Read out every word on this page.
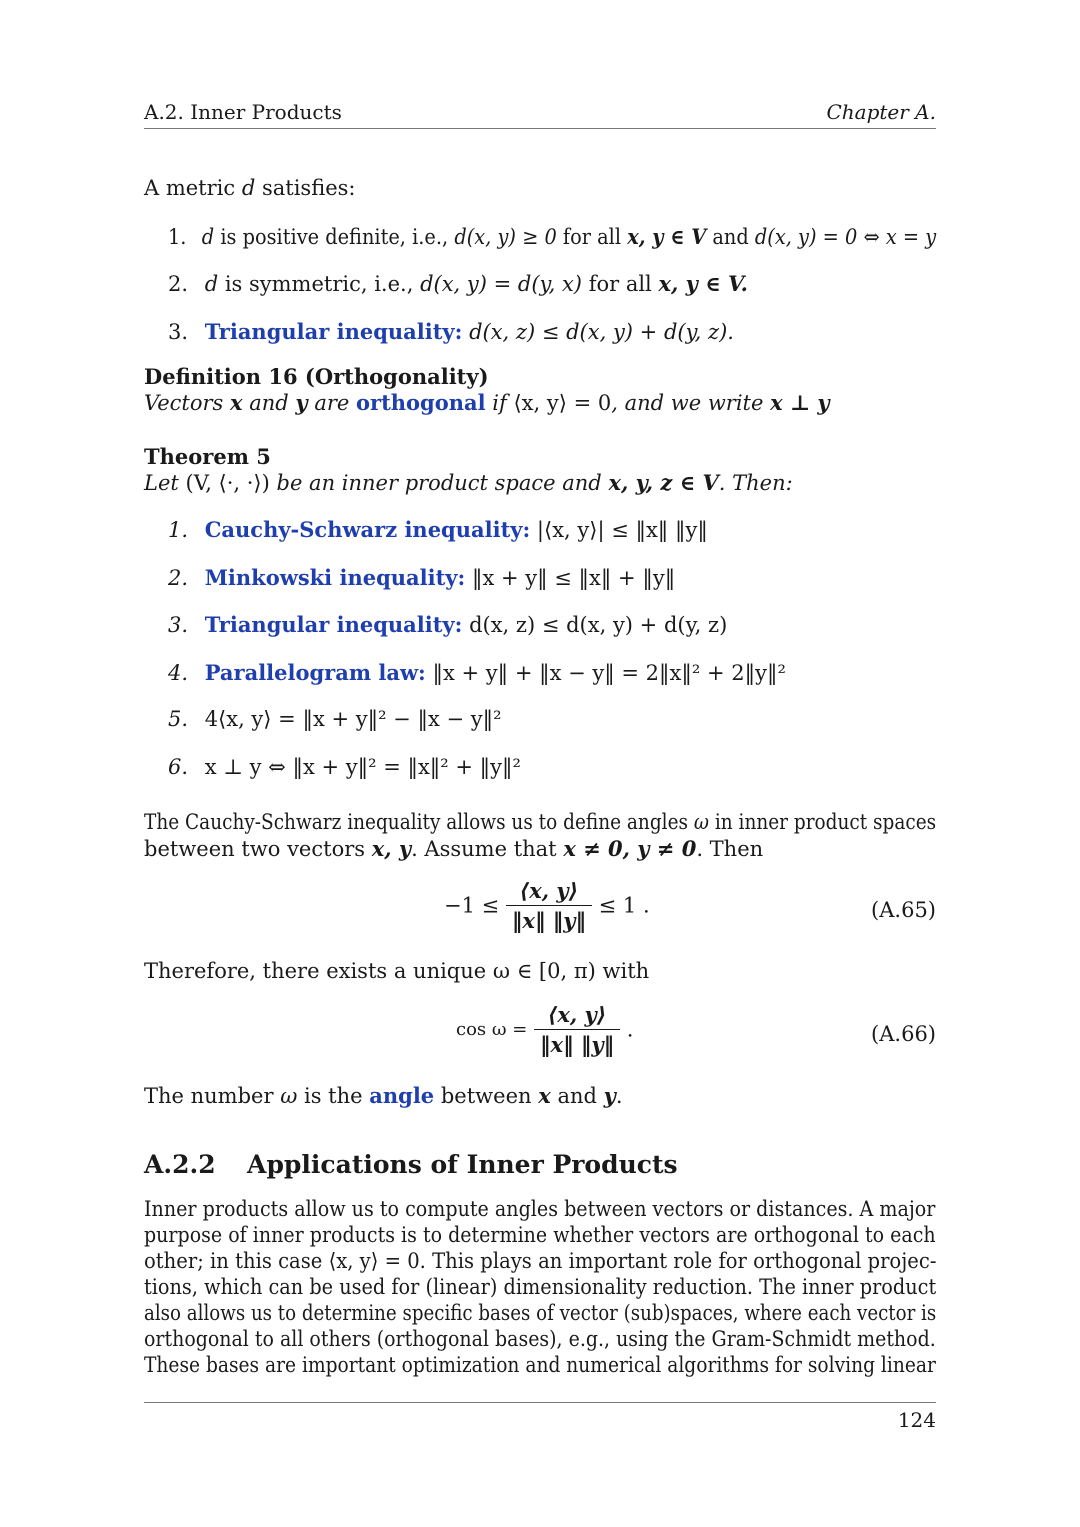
A.2. Inner Products	Chapter A.
A metric d satisfies:
1. d is positive definite, i.e., d(x, y) ≥ 0 for all x, y ∈ V and d(x, y) = 0 ⇔ x = y
2. d is symmetric, i.e., d(x, y) = d(y, x) for all x, y ∈ V.
3. Triangular inequality: d(x, z) ≤ d(x, y) + d(y, z).
Definition 16 (Orthogonality)
Vectors x and y are orthogonal if ⟨x, y⟩ = 0, and we write x ⊥ y
Theorem 5
Let (V, ⟨·, ·⟩) be an inner product space and x, y, z ∈ V. Then:
1. Cauchy-Schwarz inequality: |⟨x, y⟩| ≤ ‖x‖ ‖y‖
2. Minkowski inequality: ‖x + y‖ ≤ ‖x‖ + ‖y‖
3. Triangular inequality: d(x, z) ≤ d(x, y) + d(y, z)
4. Parallelogram law: ‖x + y‖ + ‖x − y‖ = 2‖x‖² + 2‖y‖²
5. 4⟨x, y⟩ = ‖x + y‖² − ‖x − y‖²
6. x ⊥ y ⇔ ‖x + y‖² = ‖x‖² + ‖y‖²
The Cauchy-Schwarz inequality allows us to define angles ω in inner product spaces
between two vectors x, y. Assume that x ≠ 0, y ≠ 0. Then
$-1 \le \frac{⟨x, y⟩}{‖x‖ ‖y‖} \le 1$ .	(A.65)
Therefore, there exists a unique ω ∈ [0, π) with
$\cos \omega = \frac{⟨x, y⟩}{‖x‖ ‖y‖}$ .	(A.66)
The number ω is the angle between x and y.
A.2.2 Applications of Inner Products
Inner products allow us to compute angles between vectors or distances. A major
purpose of inner products is to determine whether vectors are orthogonal to each
other; in this case ⟨x, y⟩ = 0. This plays an important role for orthogonal projec-
tions, which can be used for (linear) dimensionality reduction. The inner product
also allows us to determine specific bases of vector (sub)spaces, where each vector is
orthogonal to all others (orthogonal bases), e.g., using the Gram-Schmidt method.
These bases are important optimization and numerical algorithms for solving linear
124
